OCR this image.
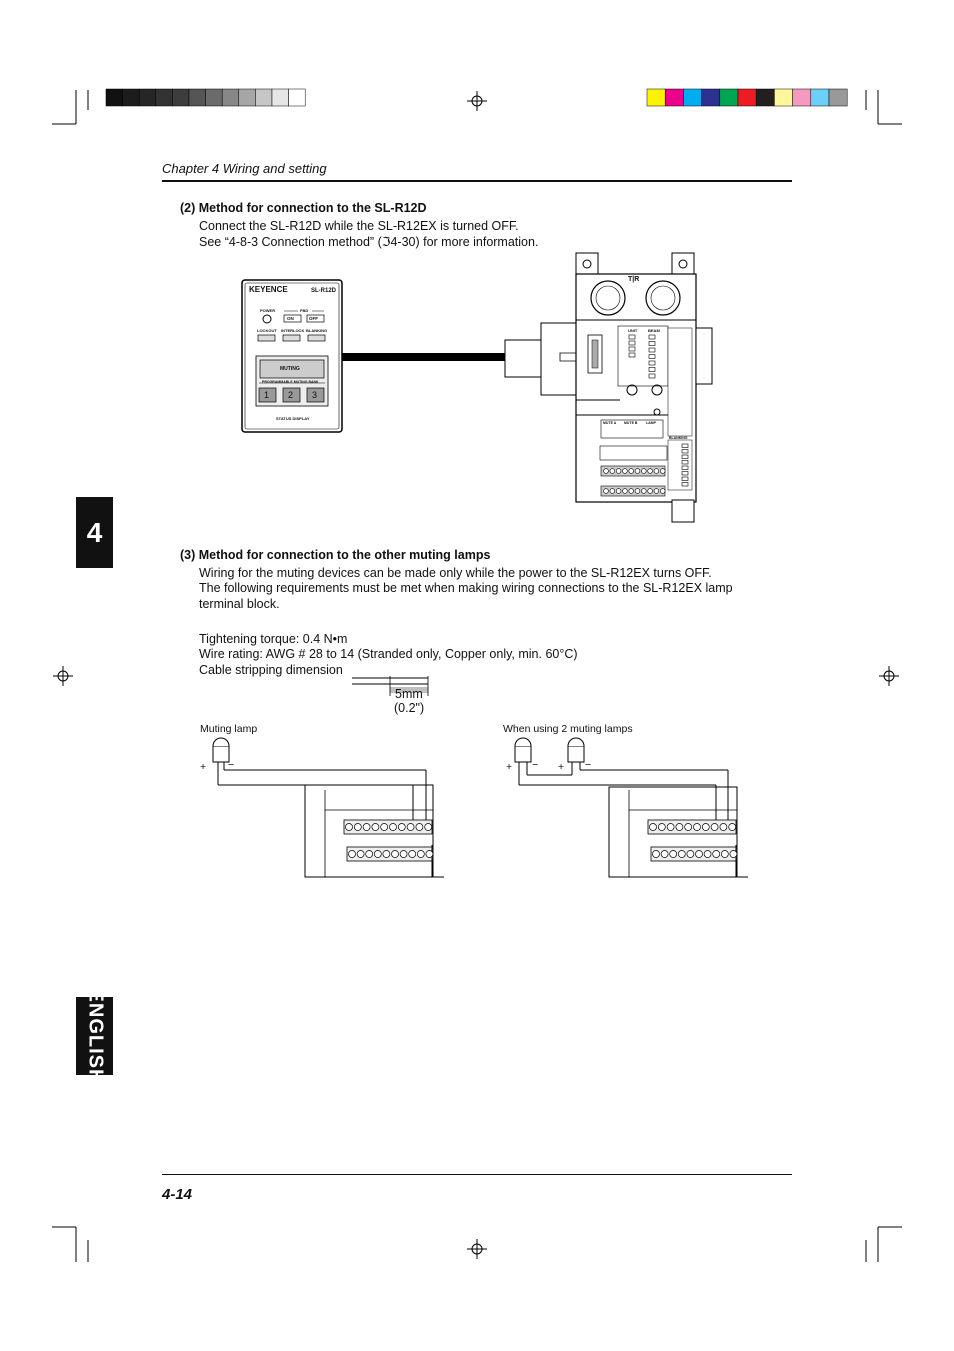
Chapter 4 Wiring and setting
(2) Method for connection to the SL-R12D
Connect the SL-R12D while the SL-R12EX is turned OFF.
See “4-8-3 Connection method” (ℑ4-30) for more information.
KEYENCE	SL-R12D
POWER	FBD
ON	OFF
LOCKOUT INTERLOCK BLANKING
MUTING
PROGRAMMABLE MUTING BANK
1 2 3
STATUS DISPLAY
T|R
UNIT	BEAM
BLANKING
MUTE A MUTE B LAMP
(3) Method for connection to the other muting lamps
Wiring for the muting devices can be made only while the power to the SL-R12EX turns OFF.
The following requirements must be met when making wiring connections to the SL-R12EX lamp
terminal block.
Tightening torque: 0.4 N•m
Wire rating: AWG # 28 to 14 (Stranded only, Copper only, min. 60°C)
Cable stripping dimension
5mm
(0.2")
Muting lamp	When using 2 muting lamps
+ −	+ − + −
4
ENGLISH
4-14
